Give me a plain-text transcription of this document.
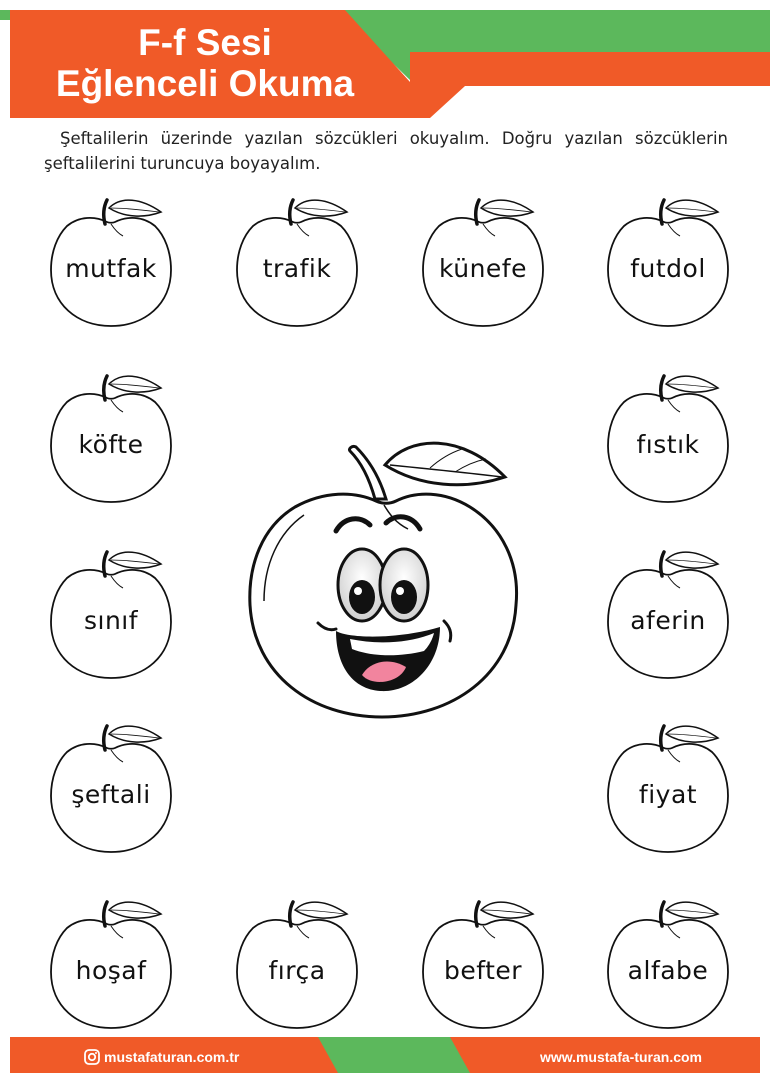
F-f Sesi
Eğlenceli Okuma

Şeftalilerin üzerinde yazılan sözcükleri okuyalım. Doğru yazılan sözcüklerin şeftalilerini turuncuya boyayalım.

mutfak	trafik	künefe	futdol
köfte
sınıf
şeftali
fıstık
aferin
fiyat
hoşaf	fırça	befter	alfabe
mustafaturan.com.tr	www.mustafa-turan.com
